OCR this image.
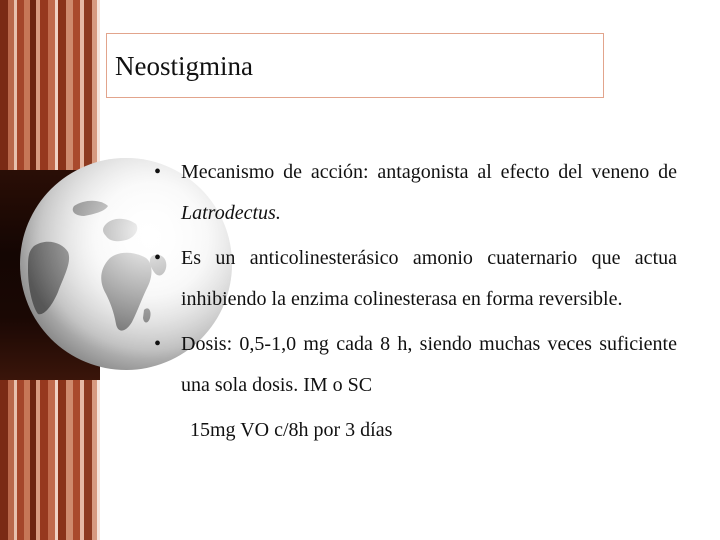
Neostigmina
• Mecanismo de acción: antagonista al efecto del veneno de Latrodectus.
• Es un anticolinesterásico amonio cuaternario que actua inhibiendo la enzima colinesterasa en forma reversible.
• Dosis: 0,5-1,0 mg cada 8 h, siendo muchas veces suficiente una sola dosis. IM o SC
15mg VO c/8h por 3 días
